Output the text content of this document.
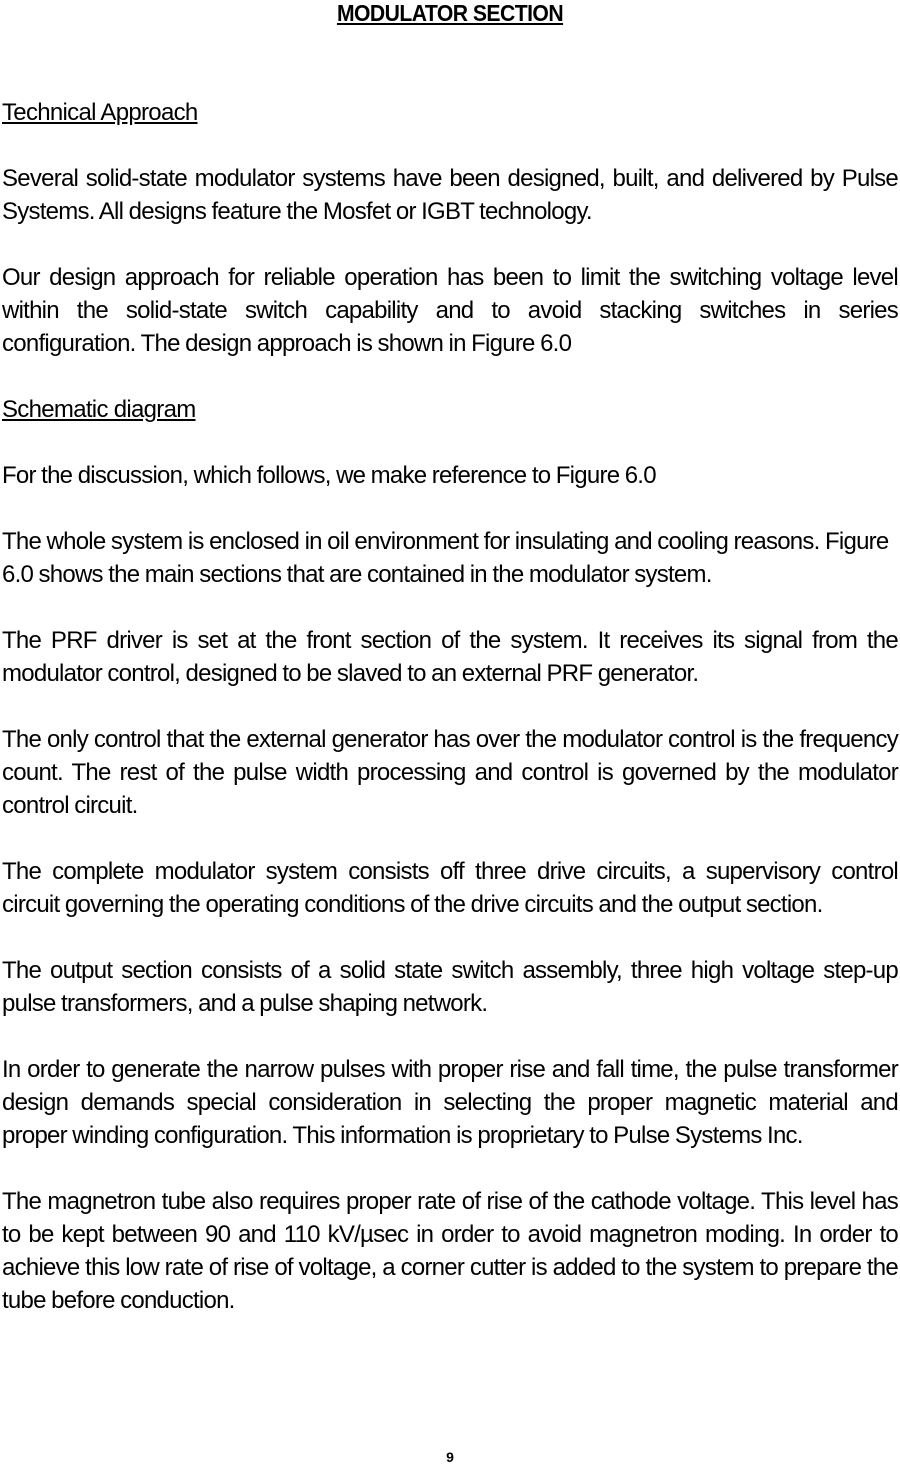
MODULATOR SECTION
Technical Approach

Several solid-state modulator systems have been designed, built, and delivered by Pulse Systems. All designs feature the Mosfet or IGBT technology.

Our design approach for reliable operation has been to limit the switching voltage level within the solid-state switch capability and to avoid stacking switches in series configuration. The design approach is shown in Figure 6.0

Schematic diagram

For the discussion, which follows, we make reference to Figure 6.0

The whole system is enclosed in oil environment for insulating and cooling reasons. Figure 6.0 shows the main sections that are contained in the modulator system.

The PRF driver is set at the front section of the system. It receives its signal from the modulator control, designed to be slaved to an external PRF generator.

The only control that the external generator has over the modulator control is the frequency count. The rest of the pulse width processing and control is governed by the modulator control circuit.

The complete modulator system consists off three drive circuits, a supervisory control circuit governing the operating conditions of the drive circuits and the output section.

The output section consists of a solid state switch assembly, three high voltage step-up pulse transformers, and a pulse shaping network.

In order to generate the narrow pulses with proper rise and fall time, the pulse transformer design demands special consideration in selecting the proper magnetic material and proper winding configuration. This information is proprietary to Pulse Systems Inc.

The magnetron tube also requires proper rate of rise of the cathode voltage. This level has to be kept between 90 and 110 kV/µsec in order to avoid magnetron moding. In order to achieve this low rate of rise of voltage, a corner cutter is added to the system to prepare the tube before conduction.

9
